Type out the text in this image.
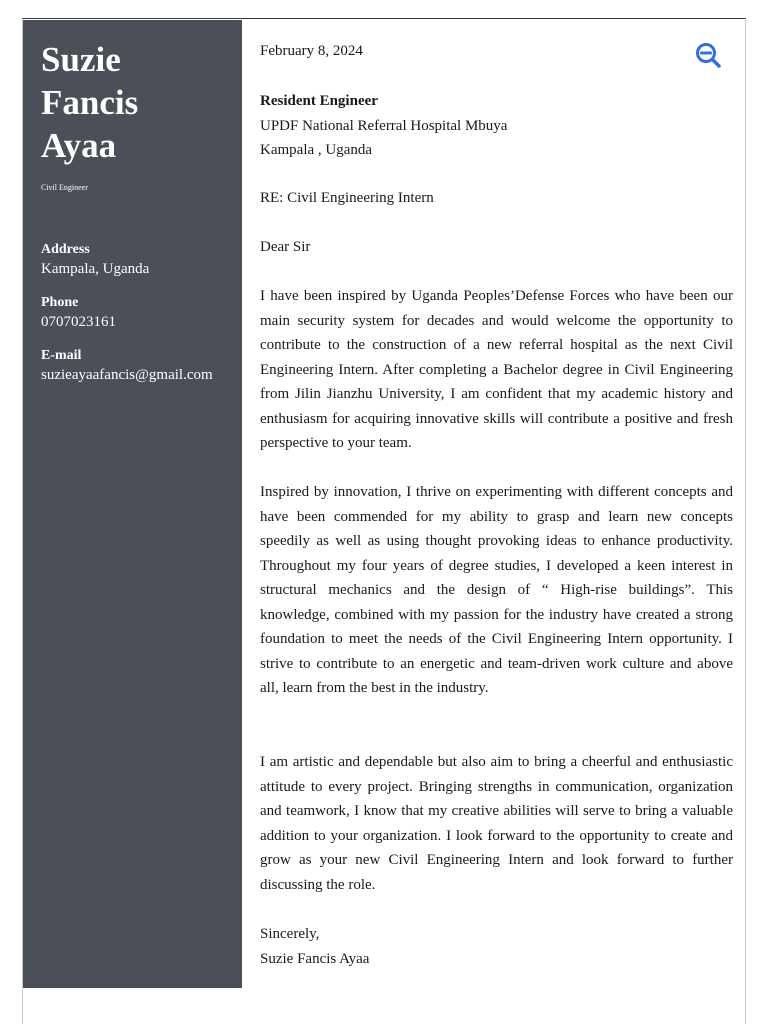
Suzie
Fancis
Ayaa
Civil Engineer
Address
Kampala, Uganda
Phone
0707023161
E-mail
suzieayaafancis@gmail.com
February 8, 2024
Resident Engineer
UPDF National Referral Hospital Mbuya
Kampala , Uganda
RE: Civil Engineering Intern
Dear Sir
I have been inspired by Uganda Peoples’Defense Forces who have been our main security system for decades and would welcome the opportunity to contribute to the construction of a new referral hospital as the next Civil Engineering Intern. After completing a Bachelor degree in Civil Engineering from Jilin Jianzhu University, I am confident that my academic history and enthusiasm for acquiring innovative skills will contribute a positive and fresh perspective to your team.
Inspired by innovation, I thrive on experimenting with different concepts and have been commended for my ability to grasp and learn new concepts speedily as well as using thought provoking ideas to enhance productivity. Throughout my four years of degree studies, I developed a keen interest in structural mechanics and the design of “ High-rise buildings”. This knowledge, combined with my passion for the industry have created a strong foundation to meet the needs of the Civil Engineering Intern opportunity. I strive to contribute to an energetic and team-driven work culture and above all, learn from the best in the industry.
I am artistic and dependable but also aim to bring a cheerful and enthusiastic attitude to every project. Bringing strengths in communication, organization and teamwork, I know that my creative abilities will serve to bring a valuable addition to your organization. I look forward to the opportunity to create and grow as your new Civil Engineering Intern and look forward to further discussing the role.
Sincerely,
Suzie Fancis Ayaa
